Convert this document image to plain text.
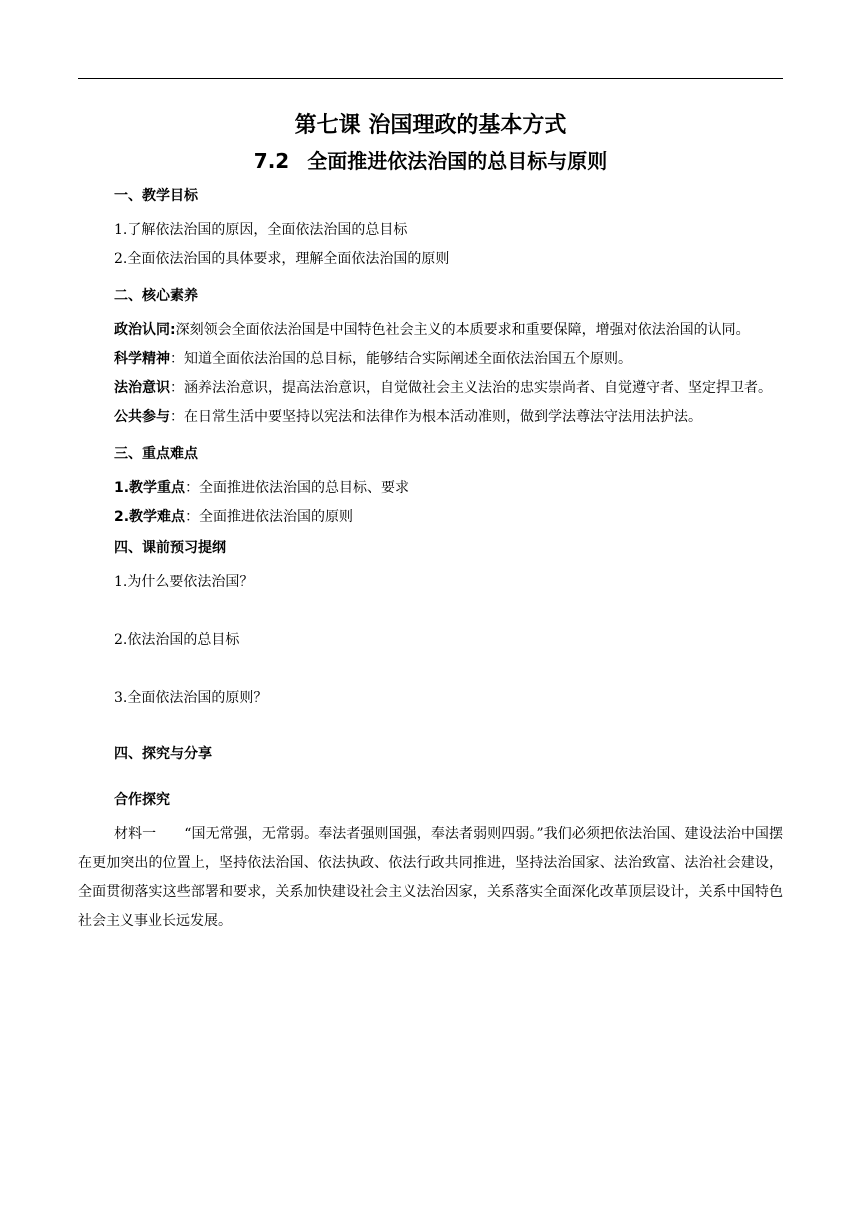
第七课 治国理政的基本方式
7.2 全面推进依法治国的总目标与原则
一、教学目标

1.了解依法治国的原因，全面依法治国的总目标

2.全面依法治国的具体要求，理解全面依法治国的原则

二、核心素养

政治认同:深刻领会全面依法治国是中国特色社会主义的本质要求和重要保障，增强对依法治国的认同。

科学精神：知道全面依法治国的总目标，能够结合实际阐述全面依法治国五个原则。

法治意识：涵养法治意识，提高法治意识，自觉做社会主义法治的忠实崇尚者、自觉遵守者、坚定捍卫者。

公共参与：在日常生活中要坚持以宪法和法律作为根本活动准则，做到学法尊法守法用法护法。

三、重点难点

1.教学重点：全面推进依法治国的总目标、要求

2.教学难点：全面推进依法治国的原则

四、课前预习提纲

1.为什么要依法治国？

2.依法治国的总目标

3.全面依法治国的原则？

四、探究与分享
合作探究

材料一 “国无常强，无常弱。奉法者强则国强，奉法者弱则四弱。”我们必须把依法治国、建设法治中国摆在更加突出的位置上，坚持依法治国、依法执政、依法行政共同推进，坚持法治国家、法治致富、法治社会建设，全面贯彻落实这些部署和要求，关系加快建设社会主义法治因家，关系落实全面深化改革顶层设计，关系中国特色社会主义事业长远发展。
